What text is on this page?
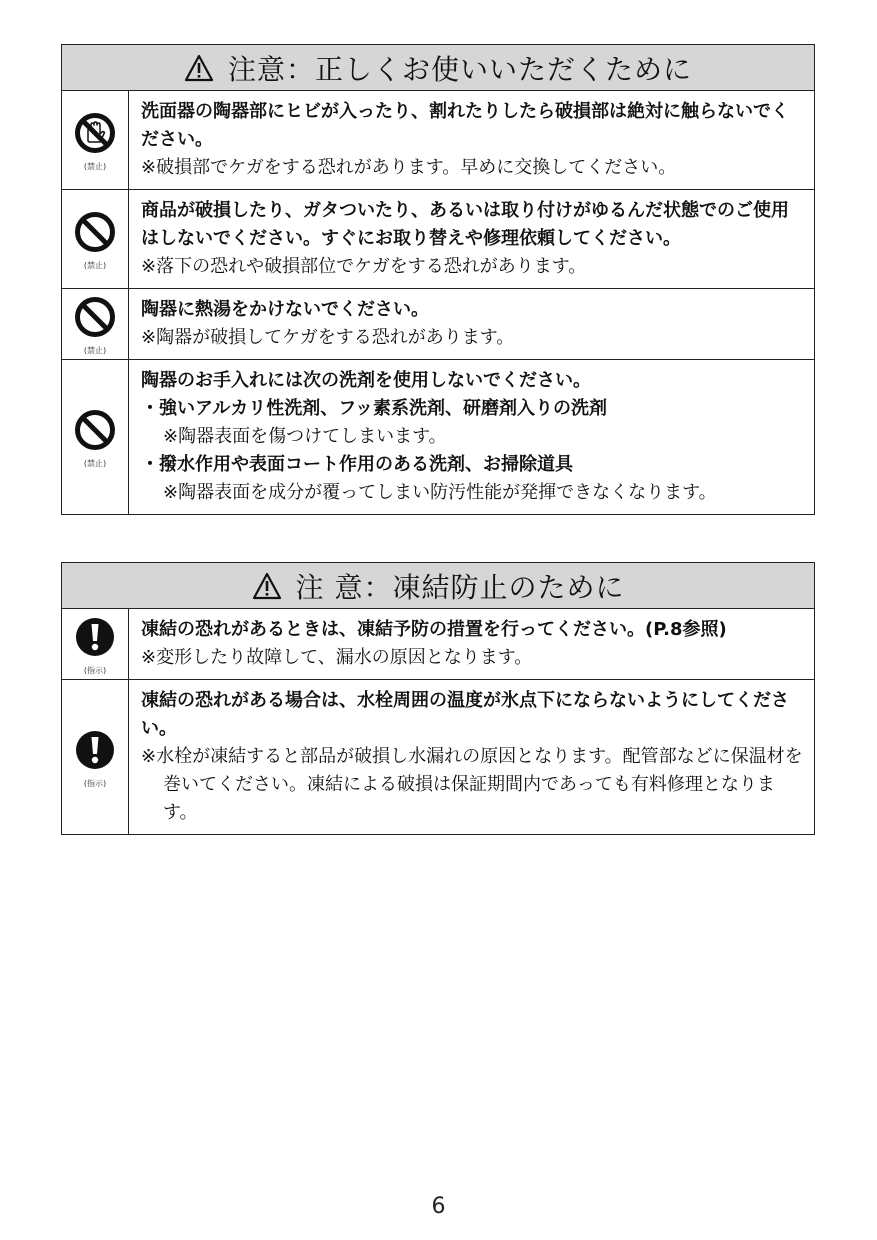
注意：正しくお使いいただくために
(禁止)

洗面器の陶器部にヒビが入ったり、割れたりしたら破損部は絶対に触らないでください。

※破損部でケガをする恐れがあります。早めに交換してください。

(禁止)

商品が破損したり、ガタついたり、あるいは取り付けがゆるんだ状態でのご使用はしないでください。すぐにお取り替えや修理依頼してください。

※落下の恐れや破損部位でケガをする恐れがあります。

(禁止)

陶器に熱湯をかけないでください。

※陶器が破損してケガをする恐れがあります。

(禁止)

陶器のお手入れには次の洗剤を使用しないでください。

・強いアルカリ性洗剤、フッ素系洗剤、研磨剤入りの洗剤

※陶器表面を傷つけてしまいます。

・撥水作用や表面コート作用のある洗剤、お掃除道具

※陶器表面を成分が覆ってしまい防汚性能が発揮できなくなります。

注 意：凍結防止のために
(指示)

凍結の恐れがあるときは、凍結予防の措置を行ってください。(P.8参照)

※変形したり故障して、漏水の原因となります。

(指示)

凍結の恐れがある場合は、水栓周囲の温度が氷点下にならないようにしてください。

※水栓が凍結すると部品が破損し水漏れの原因となります。配管部などに保温材を巻いてください。凍結による破損は保証期間内であっても有料修理となります。

6
